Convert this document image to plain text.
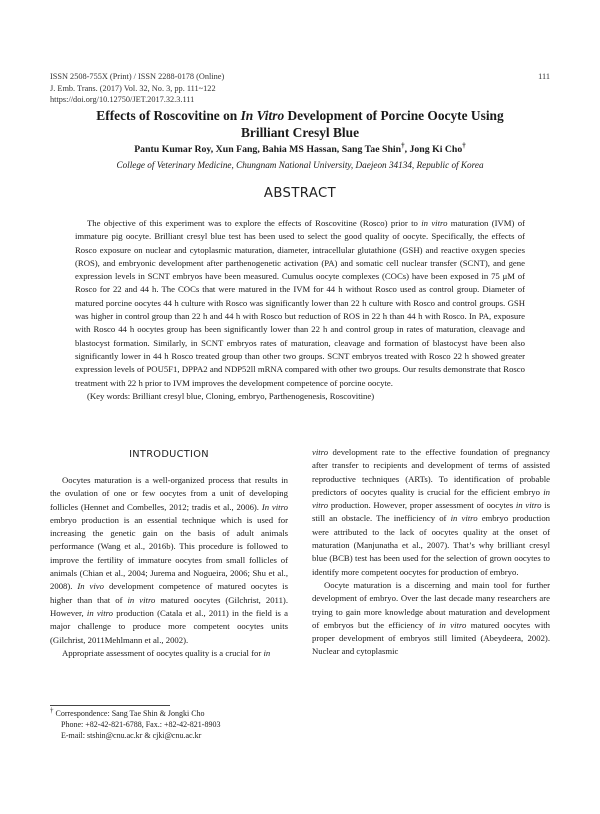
ISSN 2508-755X (Print) / ISSN 2288-0178 (Online)
J. Emb. Trans. (2017) Vol. 32, No. 3, pp. 111~122
https://doi.org/10.12750/JET.2017.32.3.111
111
Effects of Roscovitine on In Vitro Development of Porcine Oocyte Using
Brilliant Cresyl Blue
Pantu Kumar Roy, Xun Fang, Bahia MS Hassan, Sang Tae Shin†, Jong Ki Cho†
College of Veterinary Medicine, Chungnam National University, Daejeon 34134, Republic of Korea
ABSTRACT

The objective of this experiment was to explore the effects of Roscovitine (Rosco) prior to in vitro maturation (IVM) of immature pig oocyte. Brilliant cresyl blue test has been used to select the good quality of oocyte. Specifically, the effects of Rosco exposure on nuclear and cytoplasmic maturation, diameter, intracellular glutathione (GSH) and reactive oxygen species (ROS), and embryonic development after parthenogenetic activation (PA) and somatic cell nuclear transfer (SCNT), and gene expression levels in SCNT embryos have been measured. Cumulus oocyte complexes (COCs) have been exposed in 75 μM of Rosco for 22 and 44 h. The COCs that were matured in the IVM for 44 h without Rosco used as control group. Diameter of matured porcine oocytes 44 h culture with Rosco was significantly lower than 22 h culture with Rosco and control groups. GSH was higher in control group than 22 h and 44 h with Rosco but reduction of ROS in 22 h than 44 h with Rosco. In PA, exposure with Rosco 44 h oocytes group has been significantly lower than 22 h and control group in rates of maturation, cleavage and blastocyst formation. Similarly, in SCNT embryos rates of maturation, cleavage and formation of blastocyst have been also significantly lower in 44 h Rosco treated group than other two groups. SCNT embryos treated with Rosco 22 h showed greater expression levels of POU5F1, DPPA2 and NDP52ll mRNA compared with other two groups. Our results demonstrate that Rosco treatment with 22 h prior to IVM improves the development competence of porcine oocyte.

(Key words: Brilliant cresyl blue, Cloning, embryo, Parthenogenesis, Roscovitine)

INTRODUCTION

Oocytes maturation is a well-organized process that results in the ovulation of one or few oocytes from a unit of developing follicles (Hennet and Combelles, 2012; tradis et al., 2006). In vitro embryo production is an essential technique which is used for increasing the genetic gain on the basis of adult animals performance (Wang et al., 2016b). This procedure is followed to improve the fertility of immature oocytes from small follicles of animals (Chian et al., 2004; Jurema and Nogueira, 2006; Shu et al., 2008). In vivo development competence of matured oocytes is higher than that of in vitro matured oocytes (Gilchrist, 2011). However, in vitro production (Catala et al., 2011) in the field is a major challenge to produce more competent oocytes units (Gilchrist, 2011Mehlmann et al., 2002).

Appropriate assessment of oocytes quality is a crucial for in

vitro development rate to the effective foundation of pregnancy after transfer to recipients and development of terms of assisted reproductive techniques (ARTs). To identification of probable predictors of oocytes quality is crucial for the efficient embryo in vitro production. However, proper assessment of oocytes in vitro is still an obstacle. The inefficiency of in vitro embryo production were attributed to the lack of oocytes quality at the onset of maturation (Manjunatha et al., 2007). That’s why brilliant cresyl blue (BCB) test has been used for the selection of grown oocytes to identify more competent oocytes for production of embryo.

Oocyte maturation is a discerning and main tool for further development of embryo. Over the last decade many researchers are trying to gain more knowledge about maturation and development of embryos but the efficiency of in vitro matured oocytes with proper development of embryos still limited (Abeydeera, 2002). Nuclear and cytoplasmic

† Correspondence: Sang Tae Shin & Jongki Cho
Phone: +82-42-821-6788, Fax.: +82-42-821-8903
E-mail: stshin@cnu.ac.kr & cjki@cnu.ac.kr
